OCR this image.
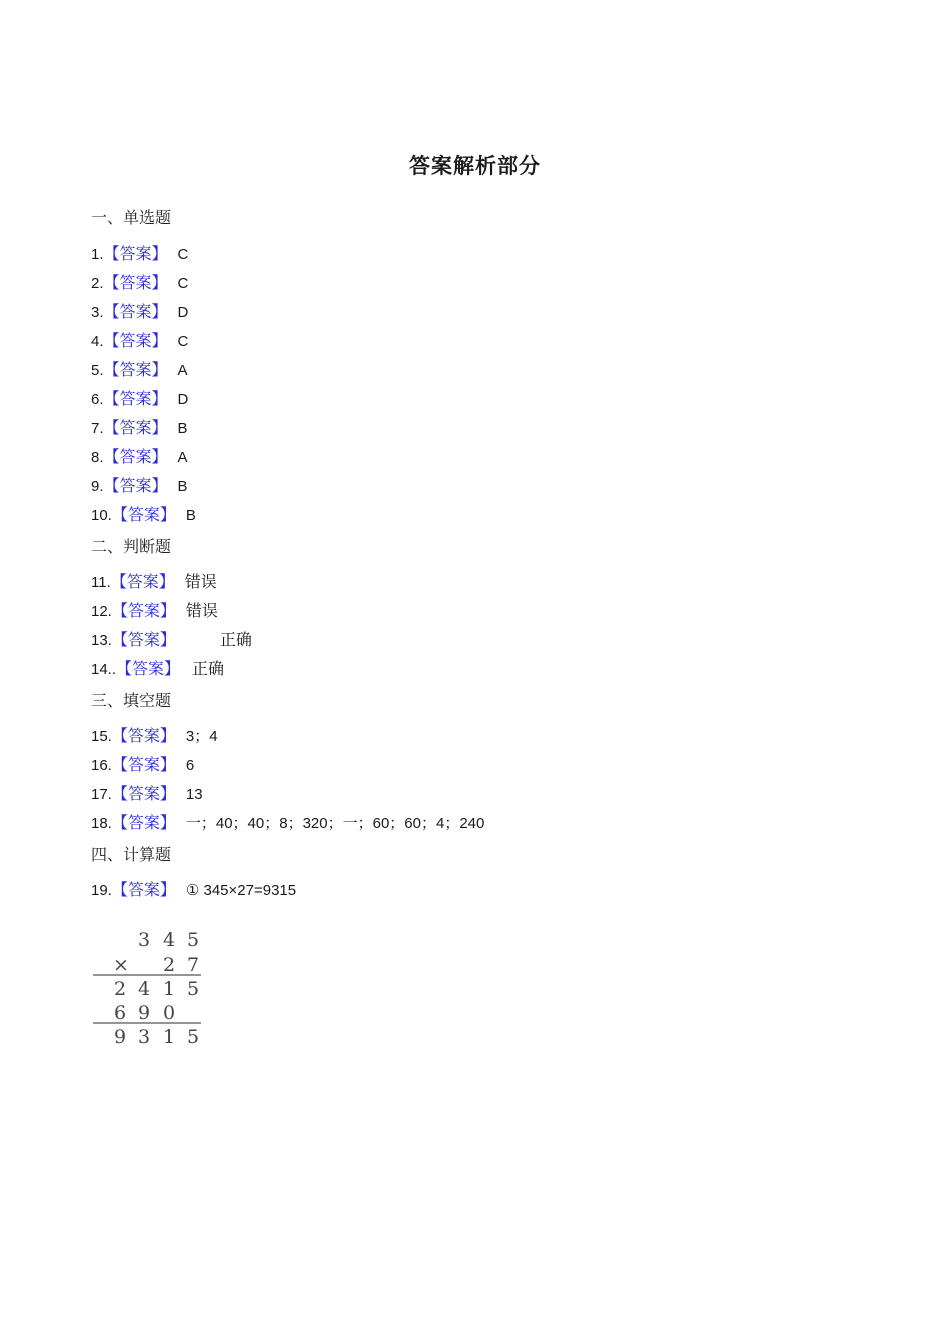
答案解析部分
一、单选题
1.【答案】 C
2.【答案】 C
3.【答案】 D
4.【答案】 C
5.【答案】 A
6.【答案】 D
7.【答案】 B
8.【答案】 A
9.【答案】 B
10.【答案】 B
二、判断题
11.【答案】 错误
12.【答案】 错误
13.【答案】	正确
14..【答案】 正确
三、填空题
15.【答案】 3；4
16.【答案】 6
17.【答案】 13
18.【答案】 一；40；40；8；320；一；60；60；4；240
四、计算题
19.【答案】 ① 345×27=9315
3 4 5
× 2 7
2 4 1 5
6 9 0
9 3 1 5
